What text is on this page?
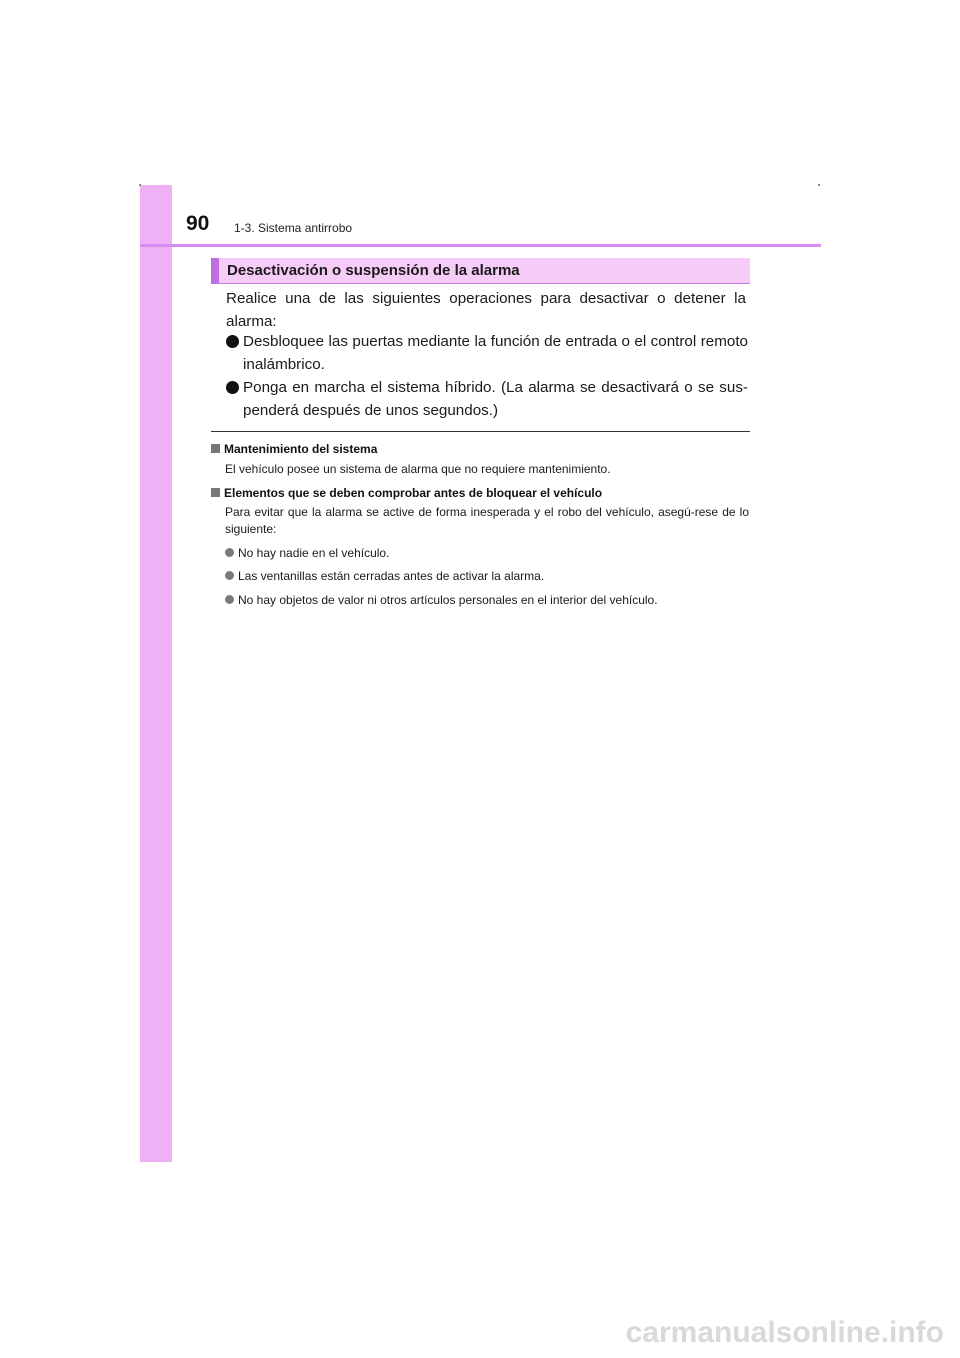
90 1-3. Sistema antirrobo
Desactivación o suspensión de la alarma

Realice una de las siguientes operaciones para desactivar o detener la alarma:

Desbloquee las puertas mediante la función de entrada o el control remoto inalámbrico.
Ponga en marcha el sistema híbrido. (La alarma se desactivará o se sus-penderá después de unos segundos.)
Mantenimiento del sistema
El vehículo posee un sistema de alarma que no requiere mantenimiento.
Elementos que se deben comprobar antes de bloquear el vehículo
Para evitar que la alarma se active de forma inesperada y el robo del vehículo, asegú-rese de lo siguiente:
No hay nadie en el vehículo.
Las ventanillas están cerradas antes de activar la alarma.
No hay objetos de valor ni otros artículos personales en el interior del vehículo.
carmanualsonline.info
